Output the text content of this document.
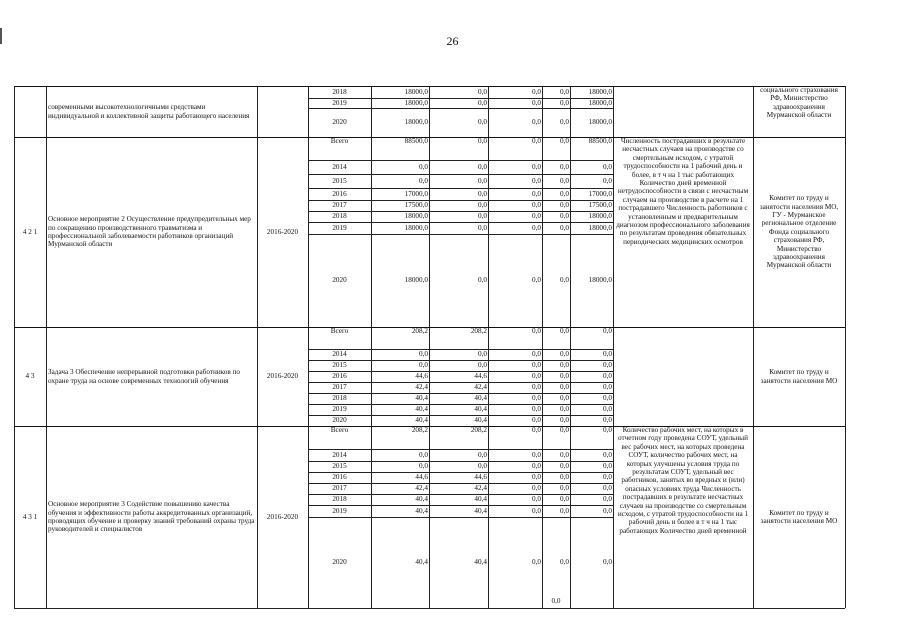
26
2018	18000,0	0,0	0,0	0,0	18000,0
2019	18000,0	0,0	0,0	0,0	18000,0
2020	18000,0	0,0	0,0	0,0	18000,0
современными высокотехнологичными средствами индивидуальной и коллективной защиты работающего населения
социального страхования РФ, Министерство здравоохранения Мурманской области
Всего	88500,0	0,0	0,0	0,0	88500,0
2014	0,0	0,0	0,0	0,0	0,0
2015	0,0	0,0	0,0	0,0	0,0
2016	17000,0	0,0	0,0	0,0	17000,0
2017	17500,0	0,0	0,0	0,0	17500,0
2018	18000,0	0,0	0,0	0,0	18000,0
2019	18000,0	0,0	0,0	0,0	18000,0
2020	18000,0	0,0	0,0	0,0	18000,0
4 2 1
Основное мероприятие 2 Осуществление предупредительных мер по сокращению производственного травматизма и профессиональной заболеваемости работников организаций Мурманской области
2016-2020
Численность пострадавших в результате несчастных случаев на производстве со смертельным исходом, с утратой трудоспособности на 1 рабочий день и более, в т ч на 1 тыс работающих Количество дней временной нетрудоспособности в связи с несчастным случаем на производстве в расчете на 1 пострадавшего Численность работников с установленным и предварительным диагнозом профессионального заболевания по результатам проведения обязательных периодических медицинских осмотров
Комитет по труду и занятости населения МО, ГУ - Мурманское региональное отделение Фонда социального страхования РФ, Министерство здравоохранения Мурманской области
Всего	208,2	208,2	0,0	0,0	0,0
2014	0,0	0,0	0,0	0,0	0,0
2015	0,0	0,0	0,0	0,0	0,0
2016	44,6	44,6	0,0	0,0	0,0
2017	42,4	42,4	0,0	0,0	0,0
2018	40,4	40,4	0,0	0,0	0,0
2019	40,4	40,4	0,0	0,0	0,0
2020	40,4	40,4	0,0	0,0	0,0
4 3
Задача 3 Обеспечение непрерывной подготовки работников по охране труда на основе современных технологий обучения
2016-2020
Комитет по труду и занятости населения МО
Всего	208,2	208,2	0,0	0,0	0,0
2014	0,0	0,0	0,0	0,0	0,0
2015	0,0	0,0	0,0	0,0	0,0
2016	44,6	44,6	0,0	0,0	0,0
2017	42,4	42,4	0,0	0,0	0,0
2018	40,4	40,4	0,0	0,0	0,0
2019	40,4	40,4	0,0	0,0	0,0
2020	40,4	40,4	0,0	0,0	0,0
4 3 1
Основное мероприятие 3 Содействие повышению качества обучения и эффективности работы аккредитованных организаций, проводящих обучение и проверку знаний требований охраны труда руководителей и специалистов
2016-2020
Количество рабочих мест, на которых в отчетном году проведена СОУТ, удельный вес рабочих мест, на которых проведена СОУТ, количество рабочих мест, на которых улучшены условия труда по результатам СОУТ, удельный вес работников, занятых во вредных и (или) опасных условиях труда Численность пострадавших в результате несчастных случаев на производстве со смертельным исходом, с утратой трудоспособности на 1 рабочий день и более в т ч на 1 тыс работающих Количество дней временной
Комитет по труду и занятости населения МО
0,0
